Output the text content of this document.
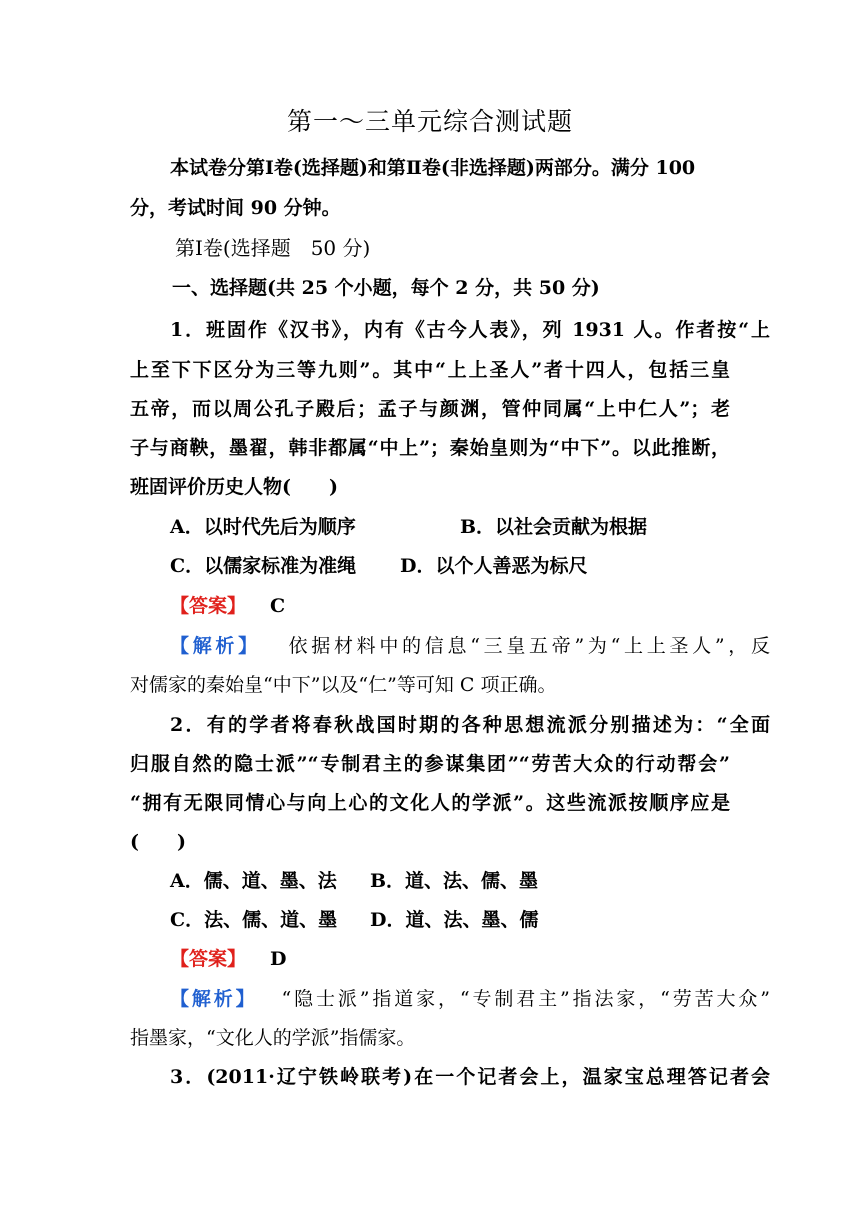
第一～三单元综合测试题
本试卷分第Ⅰ卷(选择题)和第Ⅱ卷(非选择题)两部分。满分 100
分，考试时间 90 分钟。
第Ⅰ卷(选择题　50 分)
一、选择题(共 25 个小题，每个 2 分，共 50 分)
1．班固作《汉书》，内有《古今人表》，列 1931 人。作者按“上
上至下下区分为三等九则”。其中“上上圣人”者十四人，包括三皇
五帝，而以周公孔子殿后；孟子与颜渊，管仲同属“上中仁人”；老
子与商鞅，墨翟，韩非都属“中上”；秦始皇则为“中下”。以此推断，
班固评价历史人物(　　)
A．以时代先后为顺序	B．以社会贡献为根据
C．以儒家标准为准绳 D．以个人善恶为标尺
【答案】 C
【解析】 依据材料中的信息“三皇五帝”为“上上圣人”，反
对儒家的秦始皇“中下”以及“仁”等可知 C 项正确。
2．有的学者将春秋战国时期的各种思想流派分别描述为：“全面
归服自然的隐士派”“专制君主的参谋集团”“劳苦大众的行动帮会”
“拥有无限同情心与向上心的文化人的学派”。这些流派按顺序应是
(　　)
A．儒、道、墨、法 B．道、法、儒、墨
C．法、儒、道、墨 D．道、法、墨、儒
【答案】 D
【解析】 “隐士派”指道家，“专制君主”指法家，“劳苦大众”
指墨家，“文化人的学派”指儒家。
3．(2011·辽宁铁岭联考)在一个记者会上，温家宝总理答记者会
